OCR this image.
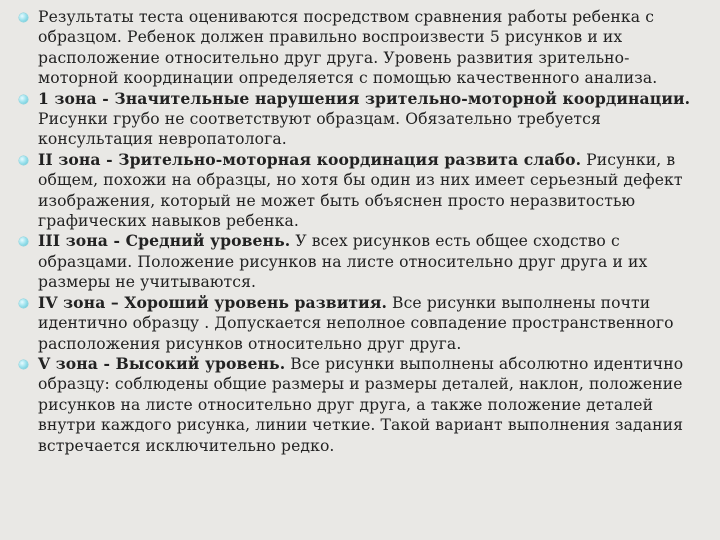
Результаты теста оцениваются посредством сравнения работы ребенка с образцом. Ребенок должен правильно воспроизвести 5 рисунков и их расположение относительно друг друга. Уровень развития зрительно-моторной координации определяется с помощью качественного анализа.
1 зона - Значительные нарушения зрительно-моторной координации. Рисунки грубо не соответствуют образцам. Обязательно требуется консультация невропатолога.
II зона - Зрительно-моторная координация развита слабо. Рисунки, в общем, похожи на образцы, но хотя бы один из них имеет серьезный дефект изображения, который не может быть объяснен просто неразвитостью графических навыков ребенка.
III зона - Средний уровень. У всех рисунков есть общее сходство с образцами. Положение рисунков на листе относительно друг друга и их размеры не учитываются.
IV зона – Хороший уровень развития. Все рисунки выполнены почти идентично образцу . Допускается неполное совпадение пространственного расположения рисунков относительно друг друга.
V зона - Высокий уровень. Все рисунки выполнены абсолютно идентично образцу: соблюдены общие размеры и размеры деталей, наклон, положение рисунков на листе относительно друг друга, а также положение деталей внутри каждого рисунка, линии четкие. Такой вариант выполнения задания встречается исключительно редко.
